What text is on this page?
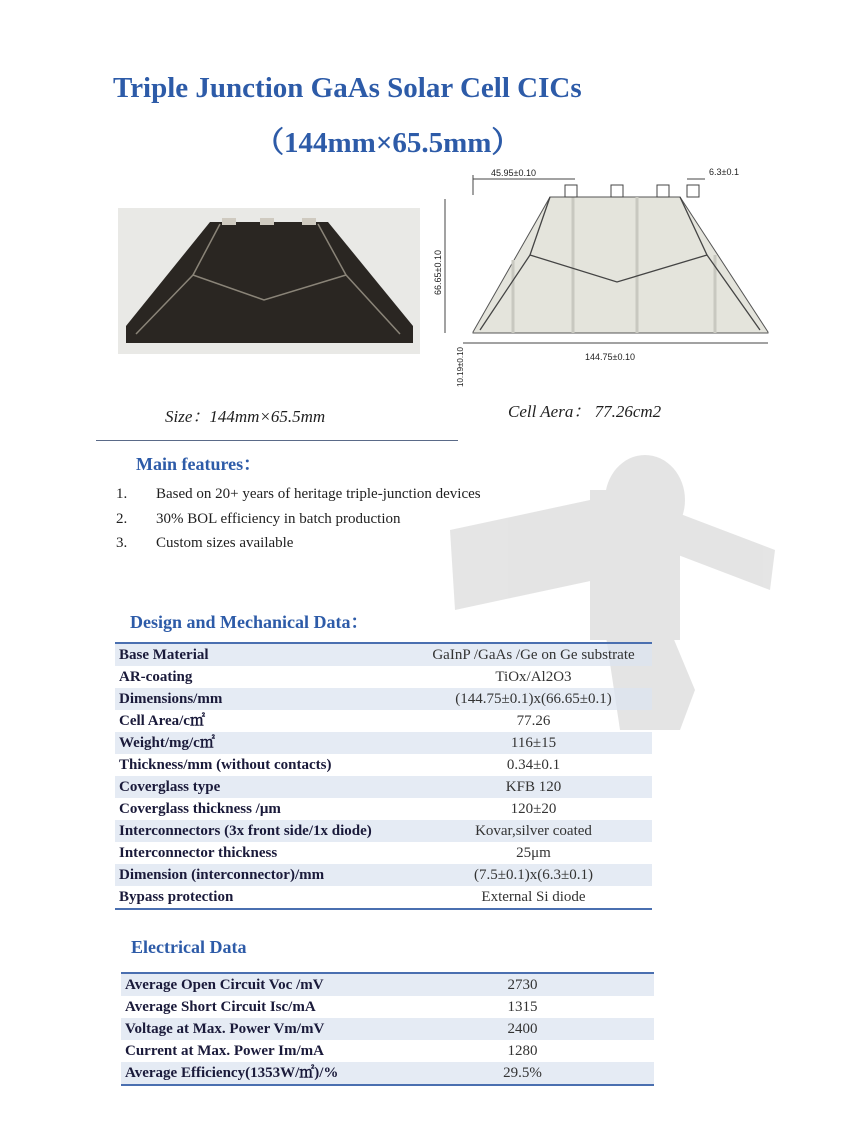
Triple Junction GaAs Solar Cell CICs
（144mm×65.5mm）
45.95±0.10	6.3±0.1
66.65±0.10
144.75±0.10
10.19±0.10
Size：144mm×65.5mm	Cell Aera： 77.26cm2
Main features：
1. Based on 20+ years of heritage triple-junction devices
2. 30% BOL efficiency in batch production
3. Custom sizes available
Design and Mechanical Data：
Base Material	GaInP /GaAs /Ge on Ge substrate
AR-coating	TiOx/Al2O3
Dimensions/mm	(144.75±0.1)x(66.65±0.1)
Cell Area/c㎡	77.26
Weight/mg/c㎡	116±15
Thickness/mm (without contacts)	0.34±0.1
Coverglass type	KFB 120
Coverglass thickness /μm	120±20
Interconnectors (3x front side/1x diode)	Kovar,silver coated
Interconnector thickness	25μm
Dimension (interconnector)/mm	(7.5±0.1)x(6.3±0.1)
Bypass protection	External Si diode
Electrical Data
Average Open Circuit Voc /mV	2730
Average Short Circuit Isc/mA	1315
Voltage at Max. Power Vm/mV	2400
Current at Max. Power Im/mA	1280
Average Efficiency(1353W/㎡)/%	29.5%
